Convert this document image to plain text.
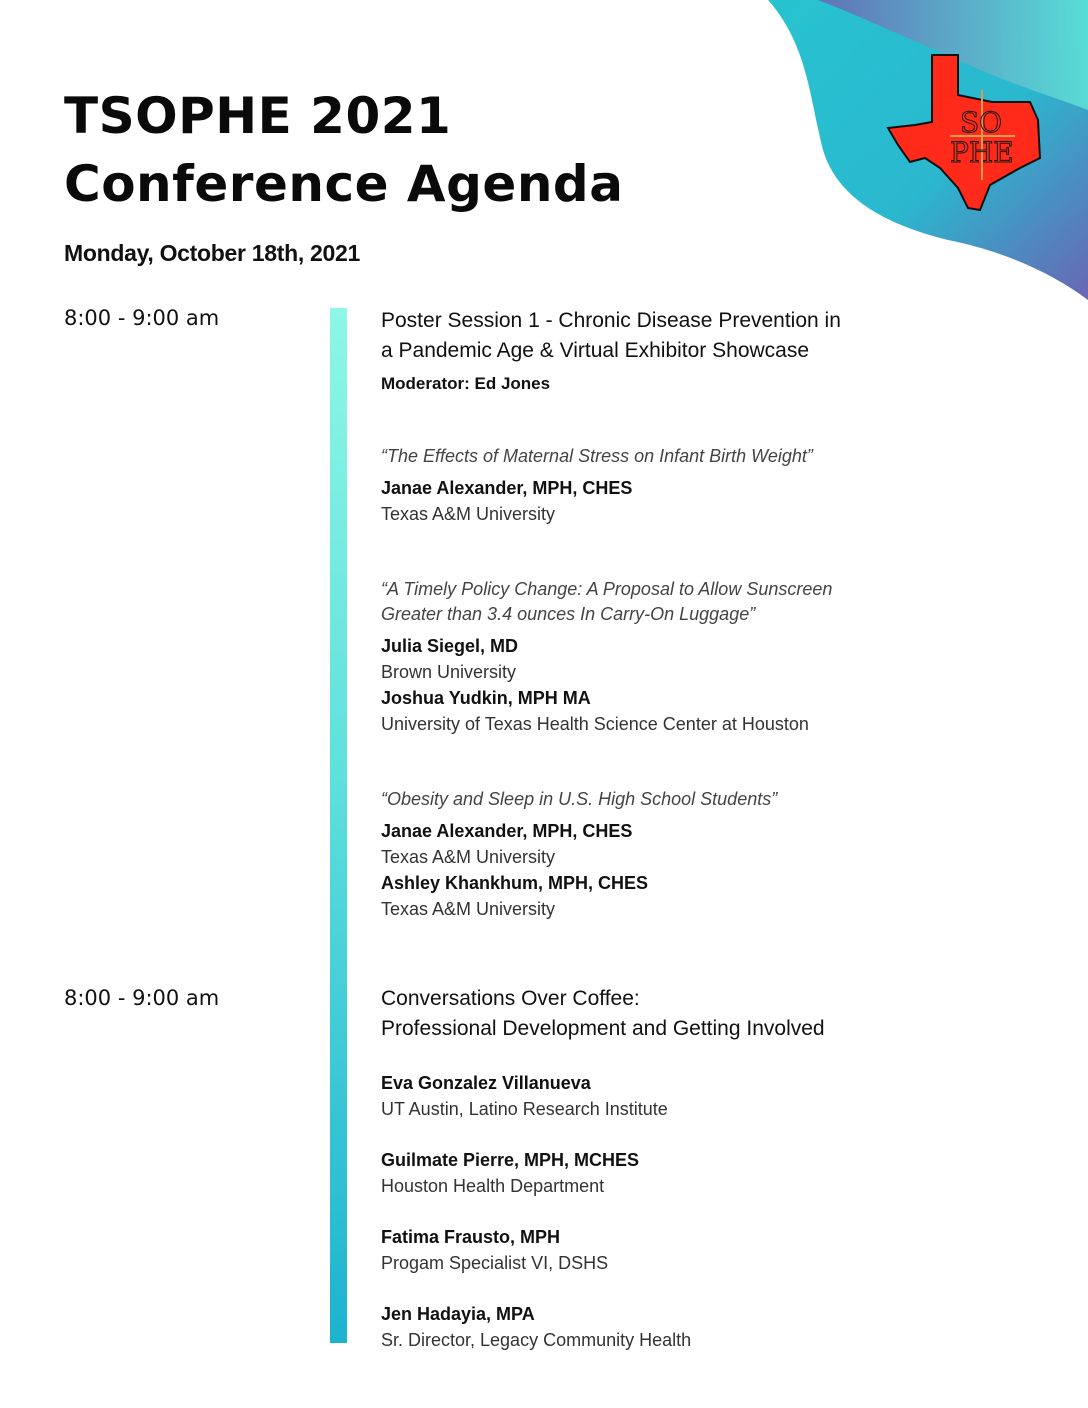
SO
PHE
TSOPHE 2021
Conference Agenda
Monday, October 18th, 2021
8:00 - 9:00 am	Poster Session 1 - Chronic Disease Prevention in
a Pandemic Age & Virtual Exhibitor Showcase
Moderator: Ed Jones
“The Effects of Maternal Stress on Infant Birth Weight”
Janae Alexander, MPH, CHES
Texas A&M University
“A Timely Policy Change: A Proposal to Allow Sunscreen
Greater than 3.4 ounces In Carry-On Luggage”
Julia Siegel, MD
Brown University
Joshua Yudkin, MPH MA
University of Texas Health Science Center at Houston
“Obesity and Sleep in U.S. High School Students”
Janae Alexander, MPH, CHES
Texas A&M University
Ashley Khankhum, MPH, CHES
Texas A&M University
8:00 - 9:00 am	Conversations Over Coffee:
Professional Development and Getting Involved
Eva Gonzalez Villanueva
UT Austin, Latino Research Institute
Guilmate Pierre, MPH, MCHES
Houston Health Department
Fatima Frausto, MPH
Progam Specialist VI, DSHS
Jen Hadayia, MPA
Sr. Director, Legacy Community Health
